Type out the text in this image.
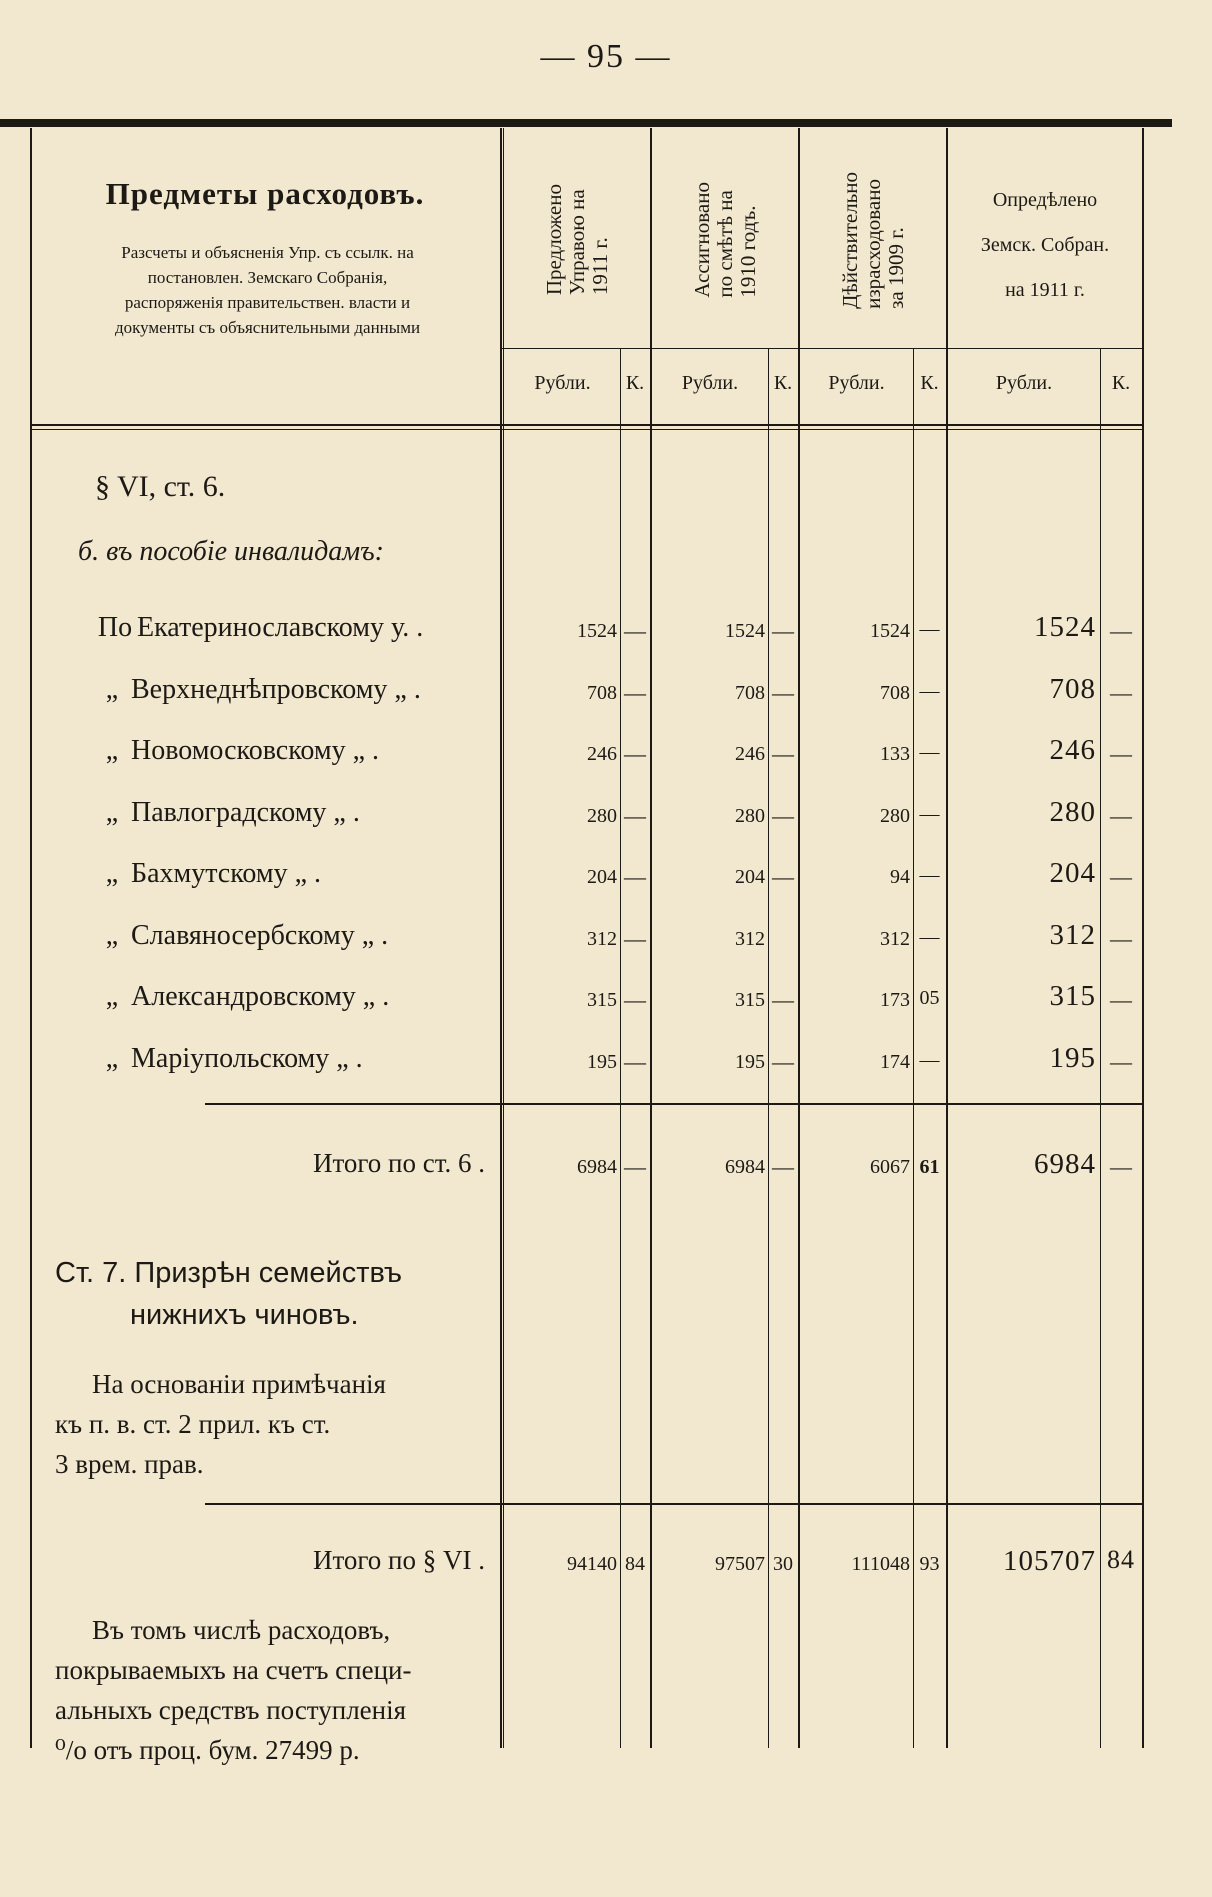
— 95 —
Предметы расходовъ.
Разсчеты и объясненія Упр. съ ссылк. на постановлен. Земскаго Собранія, распоряженія правительствен. власти и документы съ объяснительными данными
Предложено
Управою на
1911 г.	Ассигновано
по смѣтѣ на
1910 годъ.	Дѣйствительно
израсходовано
за 1909 г.
Опредѣлено
Земск. Собран.
на 1911 г.
Рубли.	К.	Рубли.	К.	Рубли.	К.	Рубли.	К.
§ VI, ст. 6.
б. въ пособіе инвалидамъ:
По Екатеринославскому у. .	1524 —	1524 —	1524 —	1524 —
„ Верхнеднѣпровскому „ .	708 —	708 —	708 —	708 —
„ Новомосковскому „ .	246 —	246 —	133 —	246 —
„ Павлоградскому „ .	280 —	280 —	280 —	280 —
„ Бахмутскому „ .	204 —	204 —	94 —	204 —
„ Славяносербскому „ .	312 —	312	312 —	312 —
„ Александровскому „ .	315 —	315 —	173 05	315 —
„ Маріупольскому „ .	195 —	195 —	174 —	195 —
Итого по ст. 6 .	6984 —	6984 —	6067 61	6984 —
Ст. 7. Призрѣн семействъ
нижнихъ чиновъ.
На основаніи примѣчанія
къ п. в. ст. 2 прил. къ ст.
3 врем. прав.
Итого по § VI .	94140 84	97507 30	111048 93	105707 84
Въ томъ числѣ расходовъ,
покрываемыхъ на счетъ специ-
альныхъ средствъ поступленія
⁰/о отъ проц. бум. 27499 р.
